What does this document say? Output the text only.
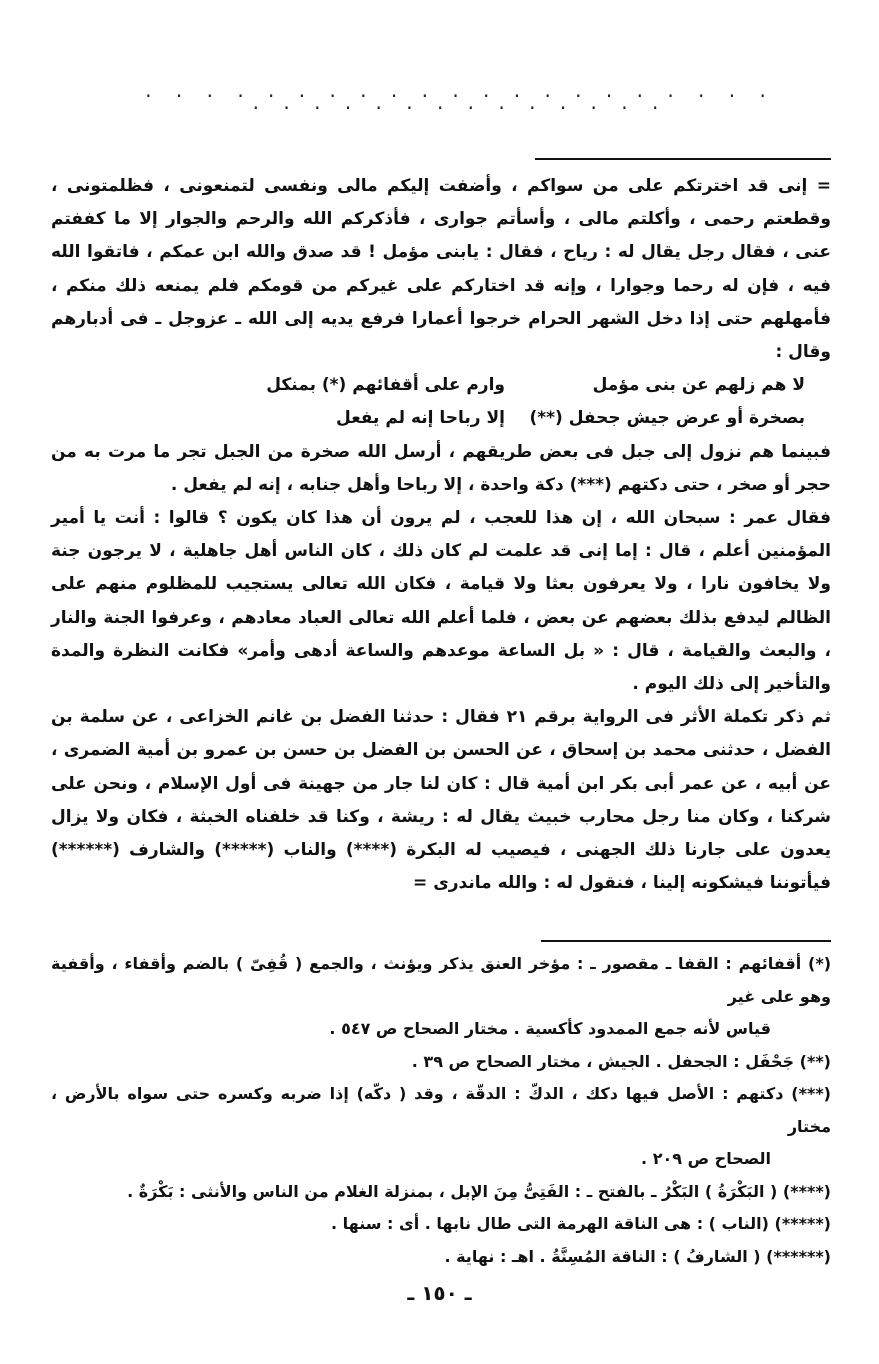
. . . . . . . . . . . . . . . . . . . . . . . . . . . . . . . . . . .

= إنى قد اخترتكم على من سواكم ، وأضفت إليكم مالى ونفسى لتمنعونى ، فظلمتونى ، وقطعتم رحمى ، وأكلتم مالى ، وأسأتم جوارى ، فأذكركم الله والرحم والجوار إلا ما كففتم عنى ، فقال رجل يقال له : رياح ، فقال : يابنى مؤمل ! قد صدق والله ابن عمكم ، فاتقوا الله فيه ، فإن له رحما وجوارا ، وإنه قد اختاركم على غيركم من قومكم فلم يمنعه ذلك منكم ، فأمهلهم حتى إذا دخل الشهر الحرام خرجوا أعمارا فرفع يديه إلى الله ـ عزوجل ـ فى أدبارهم وقال :

لا هم زلهم عن بنى مؤمل
وارم على أقفائهم (*) بمنكل
بصخرة أو عرض جيش جحفل (**)
إلا رباحا إنه لم يفعل

فبينما هم نزول إلى جبل فى بعض طريقهم ، أرسل الله صخرة من الجبل تجر ما مرت به من حجر أو صخر ، حتى دكتهم (***) دكة واحدة ، إلا رباحا وأهل جنابه ، إنه لم يفعل .

فقال عمر : سبحان الله ، إن هذا للعجب ، لم يرون أن هذا كان يكون ؟ قالوا : أنت يا أمير المؤمنين أعلم ، قال : إما إنى قد علمت لم كان ذلك ، كان الناس أهل جاهلية ، لا يرجون جنة ولا يخافون نارا ، ولا يعرفون بعثا ولا قيامة ، فكان الله تعالى يستجيب للمظلوم منهم على الظالم ليدفع بذلك بعضهم عن بعض ، فلما أعلم الله تعالى العباد معادهم ، وعرفوا الجنة والنار ، والبعث والقيامة ، قال : « بل الساعة موعدهم والساعة أدهى وأمر» فكانت النظرة والمدة والتأخير إلى ذلك اليوم .

ثم ذكر تكملة الأثر فى الرواية برقم ٢١ فقال : حدثنا الفضل بن غانم الخزاعى ، عن سلمة بن الفضل ، حدثنى محمد بن إسحاق ، عن الحسن بن الفضل بن حسن بن عمرو بن أمية الضمرى ، عن أبيه ، عن عمر أبى بكر ابن أمية قال : كان لنا جار من جهينة فى أول الإسلام ، ونحن على شركنا ، وكان منا رجل محارب خبيث يقال له : ريشة ، وكنا قد خلفناه الخبثة ، فكان ولا يزال يعدون على جارنا ذلك الجهنى ، فيصيب له البكرة (****) والناب (*****) والشارف (******) فيأتوننا فيشكونه إلينا ، فنقول له : والله ماندرى =

(*) أقفائهم : القفا ـ مقصور ـ : مؤخر العنق يذكر ويؤنث ، والجمع ( قُفِىّ ) بالضم وأقفاء ، وأقفية وهو على غير

قياس لأنه جمع الممدود كأكسية . مختار الصحاح ص ٥٤٧ .

(**) جَحْفَل : الجحفل . الجيش ، مختار الصحاح ص ٣٩ .

(***) دكتهم : الأصل فيها دكك ، الدكّ : الدقّة ، وقد ( دكّه) إذا ضربه وكسره حتى سواه بالأرض ، مختار

الصحاح ص ٢٠٩ .

(****) ( البَكْرَةُ ) البَكْرُ ـ بالفتح ـ : الفَتِىُّ مِنَ الإبل ، بمنزلة الغلام من الناس والأنثى : بَكْرَةٌ .

(*****) (الناب ) : هى الناقة الهرمة التى طال نابها . أى : سنها .

(******) ( الشارفُ ) : الناقة المُسِنَّةُ . اهـ : نهاية .

ـ ١٥٠ ـ
